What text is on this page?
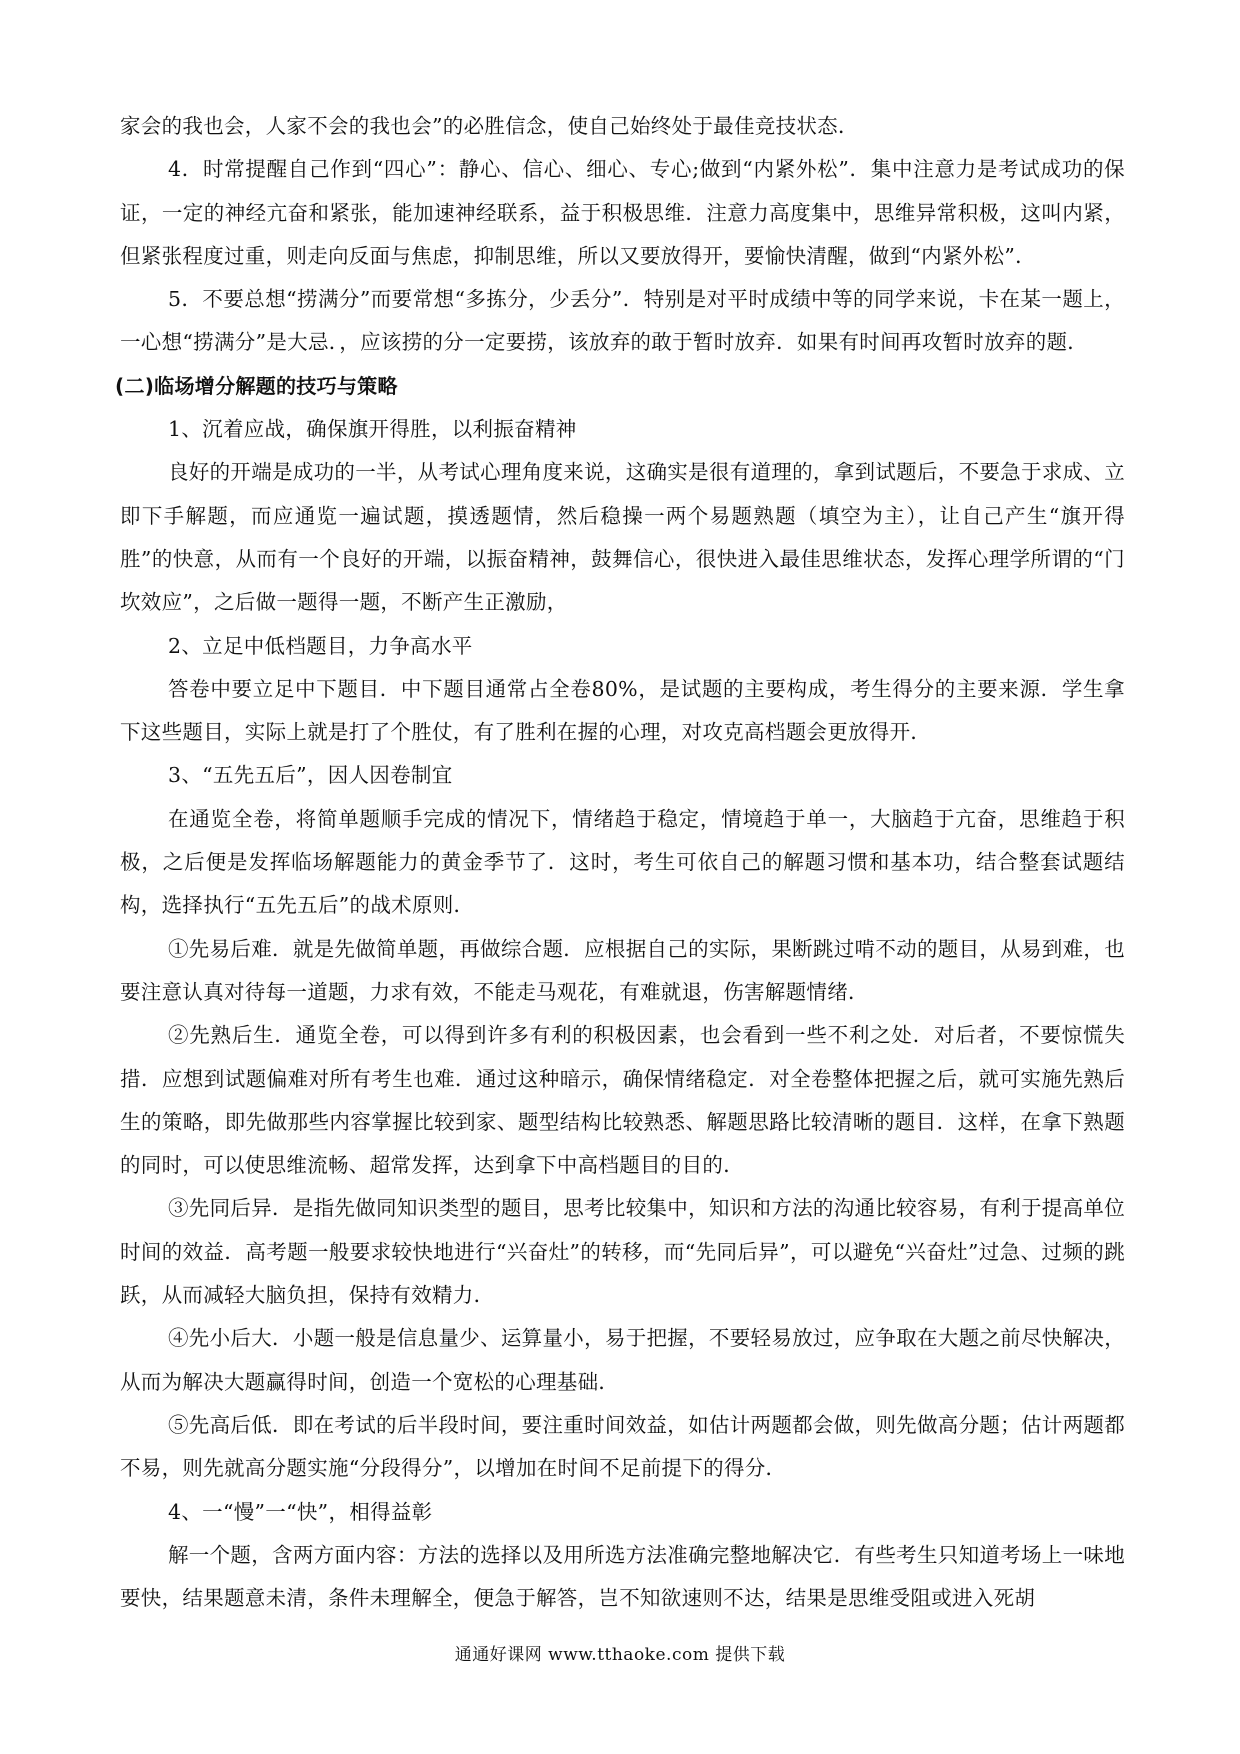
家会的我也会，人家不会的我也会”的必胜信念，使自己始终处于最佳竞技状态．

4．时常提醒自己作到“四心”：静心、信心、细心、专心;做到“内紧外松”．集中注意力是考试成功的保证，一定的神经亢奋和紧张，能加速神经联系，益于积极思维．注意力高度集中，思维异常积极，这叫内紧，但紧张程度过重，则走向反面与焦虑，抑制思维，所以又要放得开，要愉快清醒，做到“内紧外松”．

5．不要总想“捞满分”而要常想“多拣分，少丢分”．特别是对平时成绩中等的同学来说，卡在某一题上，一心想“捞满分”是大忌．，应该捞的分一定要捞，该放弃的敢于暂时放弃．如果有时间再攻暂时放弃的题．

(二)临场增分解题的技巧与策略

1、沉着应战，确保旗开得胜，以利振奋精神

良好的开端是成功的一半，从考试心理角度来说，这确实是很有道理的，拿到试题后，不要急于求成、立即下手解题，而应通览一遍试题，摸透题情，然后稳操一两个易题熟题（填空为主），让自己产生“旗开得胜”的快意，从而有一个良好的开端，以振奋精神，鼓舞信心，很快进入最佳思维状态，发挥心理学所谓的“门坎效应”，之后做一题得一题，不断产生正激励，

2、立足中低档题目，力争高水平

答卷中要立足中下题目．中下题目通常占全卷80%，是试题的主要构成，考生得分的主要来源．学生拿下这些题目，实际上就是打了个胜仗，有了胜利在握的心理，对攻克高档题会更放得开．

3、“五先五后”，因人因卷制宜

在通览全卷，将简单题顺手完成的情况下，情绪趋于稳定，情境趋于单一，大脑趋于亢奋，思维趋于积极，之后便是发挥临场解题能力的黄金季节了．这时，考生可依自己的解题习惯和基本功，结合整套试题结构，选择执行“五先五后”的战术原则．

①先易后难．就是先做简单题，再做综合题．应根据自己的实际，果断跳过啃不动的题目，从易到难，也要注意认真对待每一道题，力求有效，不能走马观花，有难就退，伤害解题情绪．

②先熟后生．通览全卷，可以得到许多有利的积极因素，也会看到一些不利之处．对后者，不要惊慌失措．应想到试题偏难对所有考生也难．通过这种暗示，确保情绪稳定．对全卷整体把握之后，就可实施先熟后生的策略，即先做那些内容掌握比较到家、题型结构比较熟悉、解题思路比较清晰的题目．这样，在拿下熟题的同时，可以使思维流畅、超常发挥，达到拿下中高档题目的目的．

③先同后异．是指先做同知识类型的题目，思考比较集中，知识和方法的沟通比较容易，有利于提高单位时间的效益．高考题一般要求较快地进行“兴奋灶”的转移，而“先同后异”，可以避免“兴奋灶”过急、过频的跳跃，从而减轻大脑负担，保持有效精力．

④先小后大．小题一般是信息量少、运算量小，易于把握，不要轻易放过，应争取在大题之前尽快解决，从而为解决大题赢得时间，创造一个宽松的心理基础．

⑤先高后低．即在考试的后半段时间，要注重时间效益，如估计两题都会做，则先做高分题；估计两题都不易，则先就高分题实施“分段得分”，以增加在时间不足前提下的得分．

4、一“慢”一“快”，相得益彰

解一个题，含两方面内容：方法的选择以及用所选方法准确完整地解决它．有些考生只知道考场上一味地要快，结果题意未清，条件未理解全，便急于解答，岂不知欲速则不达，结果是思维受阻或进入死胡

通通好课网 www.tthaoke.com 提供下载
